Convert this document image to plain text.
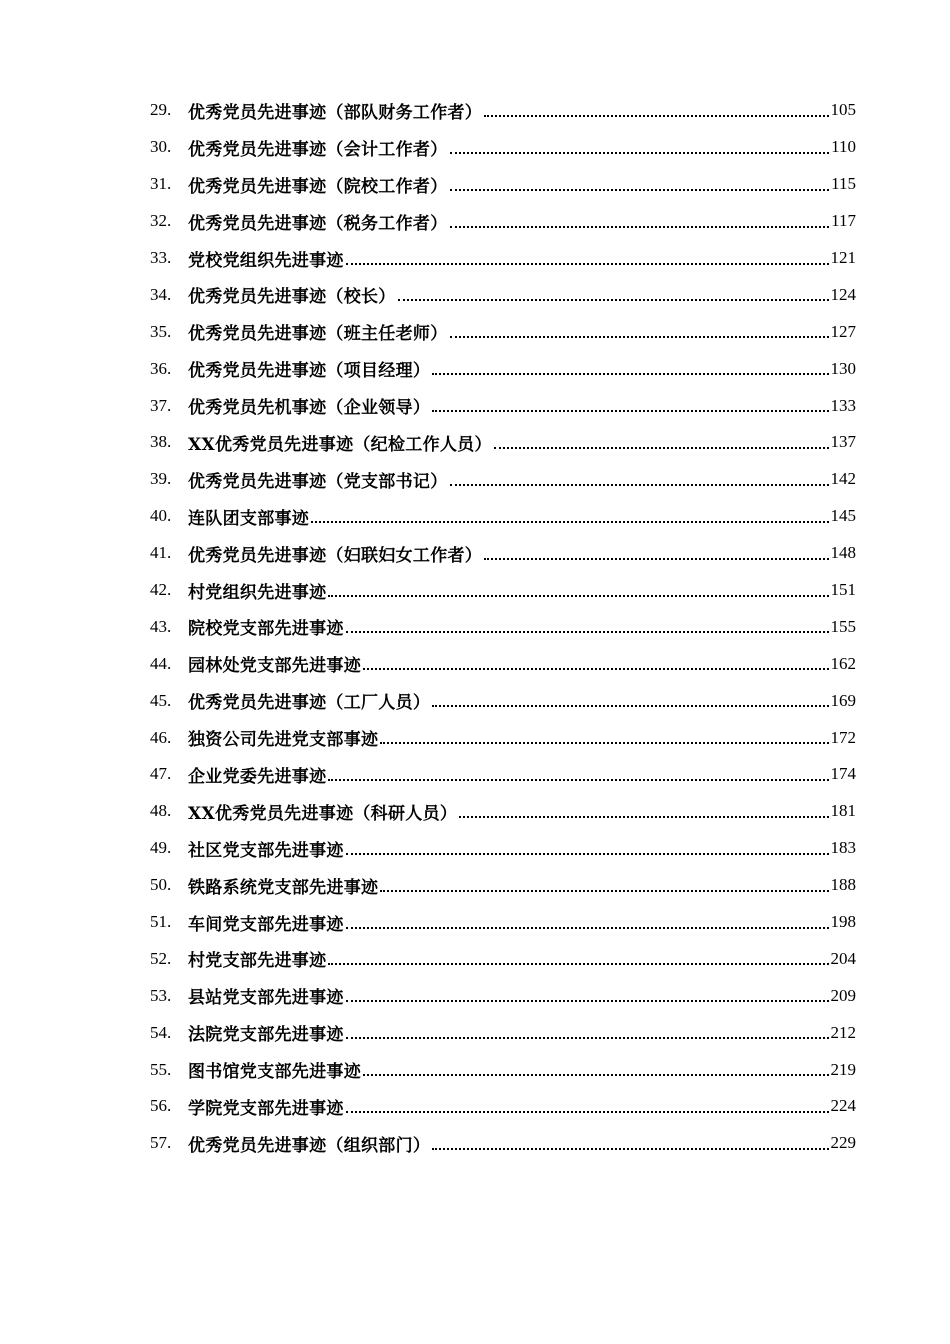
29. 优秀党员先进事迹（部队财务工作者）	105
30. 优秀党员先进事迹（会计工作者）	110
31. 优秀党员先进事迹（院校工作者）	115
32. 优秀党员先进事迹（税务工作者）	117
33. 党校党组织先进事迹	121
34. 优秀党员先进事迹（校长）	124
35. 优秀党员先进事迹（班主任老师）	127
36. 优秀党员先进事迹（项目经理）	130
37. 优秀党员先机事迹（企业领导）	133
38. XX优秀党员先进事迹（纪检工作人员）	137
39. 优秀党员先进事迹（党支部书记）	142
40. 连队团支部事迹	145
41. 优秀党员先进事迹（妇联妇女工作者）	148
42. 村党组织先进事迹	151
43. 院校党支部先进事迹	155
44. 园林处党支部先进事迹	162
45. 优秀党员先进事迹（工厂人员）	169
46. 独资公司先进党支部事迹	172
47. 企业党委先进事迹	174
48. XX优秀党员先进事迹（科研人员）	181
49. 社区党支部先进事迹	183
50. 铁路系统党支部先进事迹	188
51. 车间党支部先进事迹	198
52. 村党支部先进事迹	204
53. 县站党支部先进事迹	209
54. 法院党支部先进事迹	212
55. 图书馆党支部先进事迹	219
56. 学院党支部先进事迹	224
57. 优秀党员先进事迹（组织部门）	229
